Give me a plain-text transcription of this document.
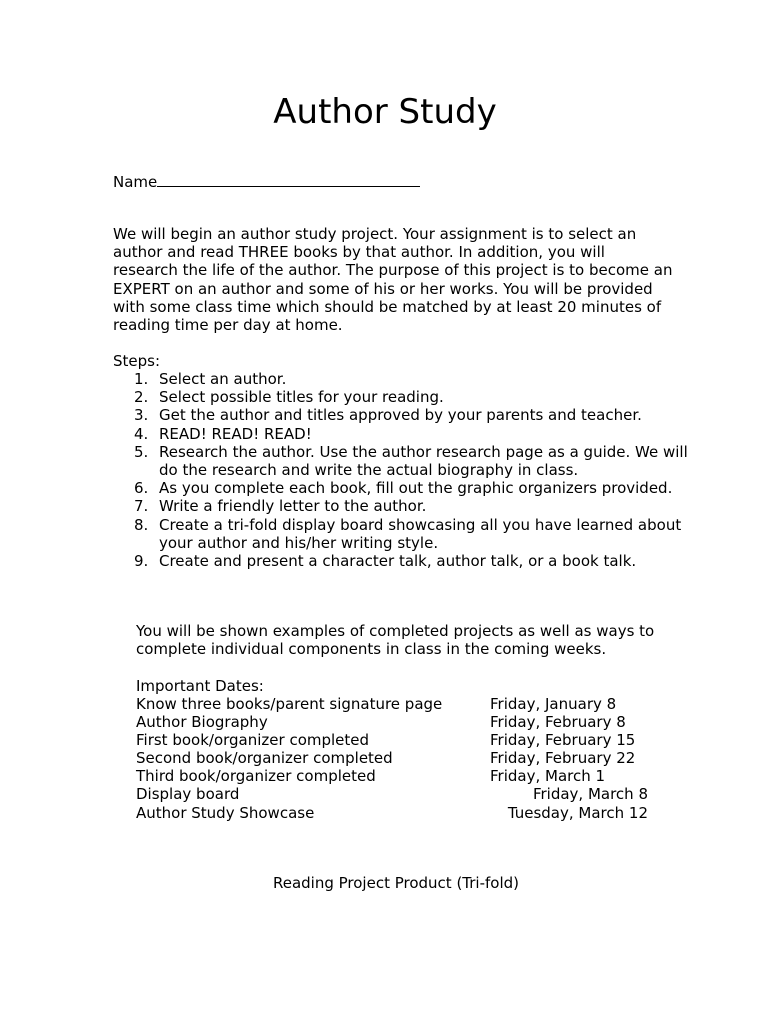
Author Study
Name

We will begin an author study project. Your assignment is to select an author and read THREE books by that author. In addition, you will research the life of the author. The purpose of this project is to become an EXPERT on an author and some of his or her works. You will be provided with some class time which should be matched by at least 20 minutes of reading time per day at home.

Steps:
1. Select an author.
2. Select possible titles for your reading.
3. Get the author and titles approved by your parents and teacher.
4. READ! READ! READ!
5. Research the author. Use the author research page as a guide. We will do the research and write the actual biography in class.
6. As you complete each book, fill out the graphic organizers provided.
7. Write a friendly letter to the author.
8. Create a tri-fold display board showcasing all you have learned about your author and his/her writing style.
9. Create and present a character talk, author talk, or a book talk.

You will be shown examples of completed projects as well as ways to complete individual components in class in the coming weeks.

Important Dates:
Know three books/parent signature page	Friday, January 8
Author Biography	Friday, February 8
First book/organizer completed	Friday, February 15
Second book/organizer completed	Friday, February 22
Third book/organizer completed	Friday, March 1
Display board	Friday, March 8
Author Study Showcase	Tuesday, March 12
Reading Project Product (Tri-fold)
